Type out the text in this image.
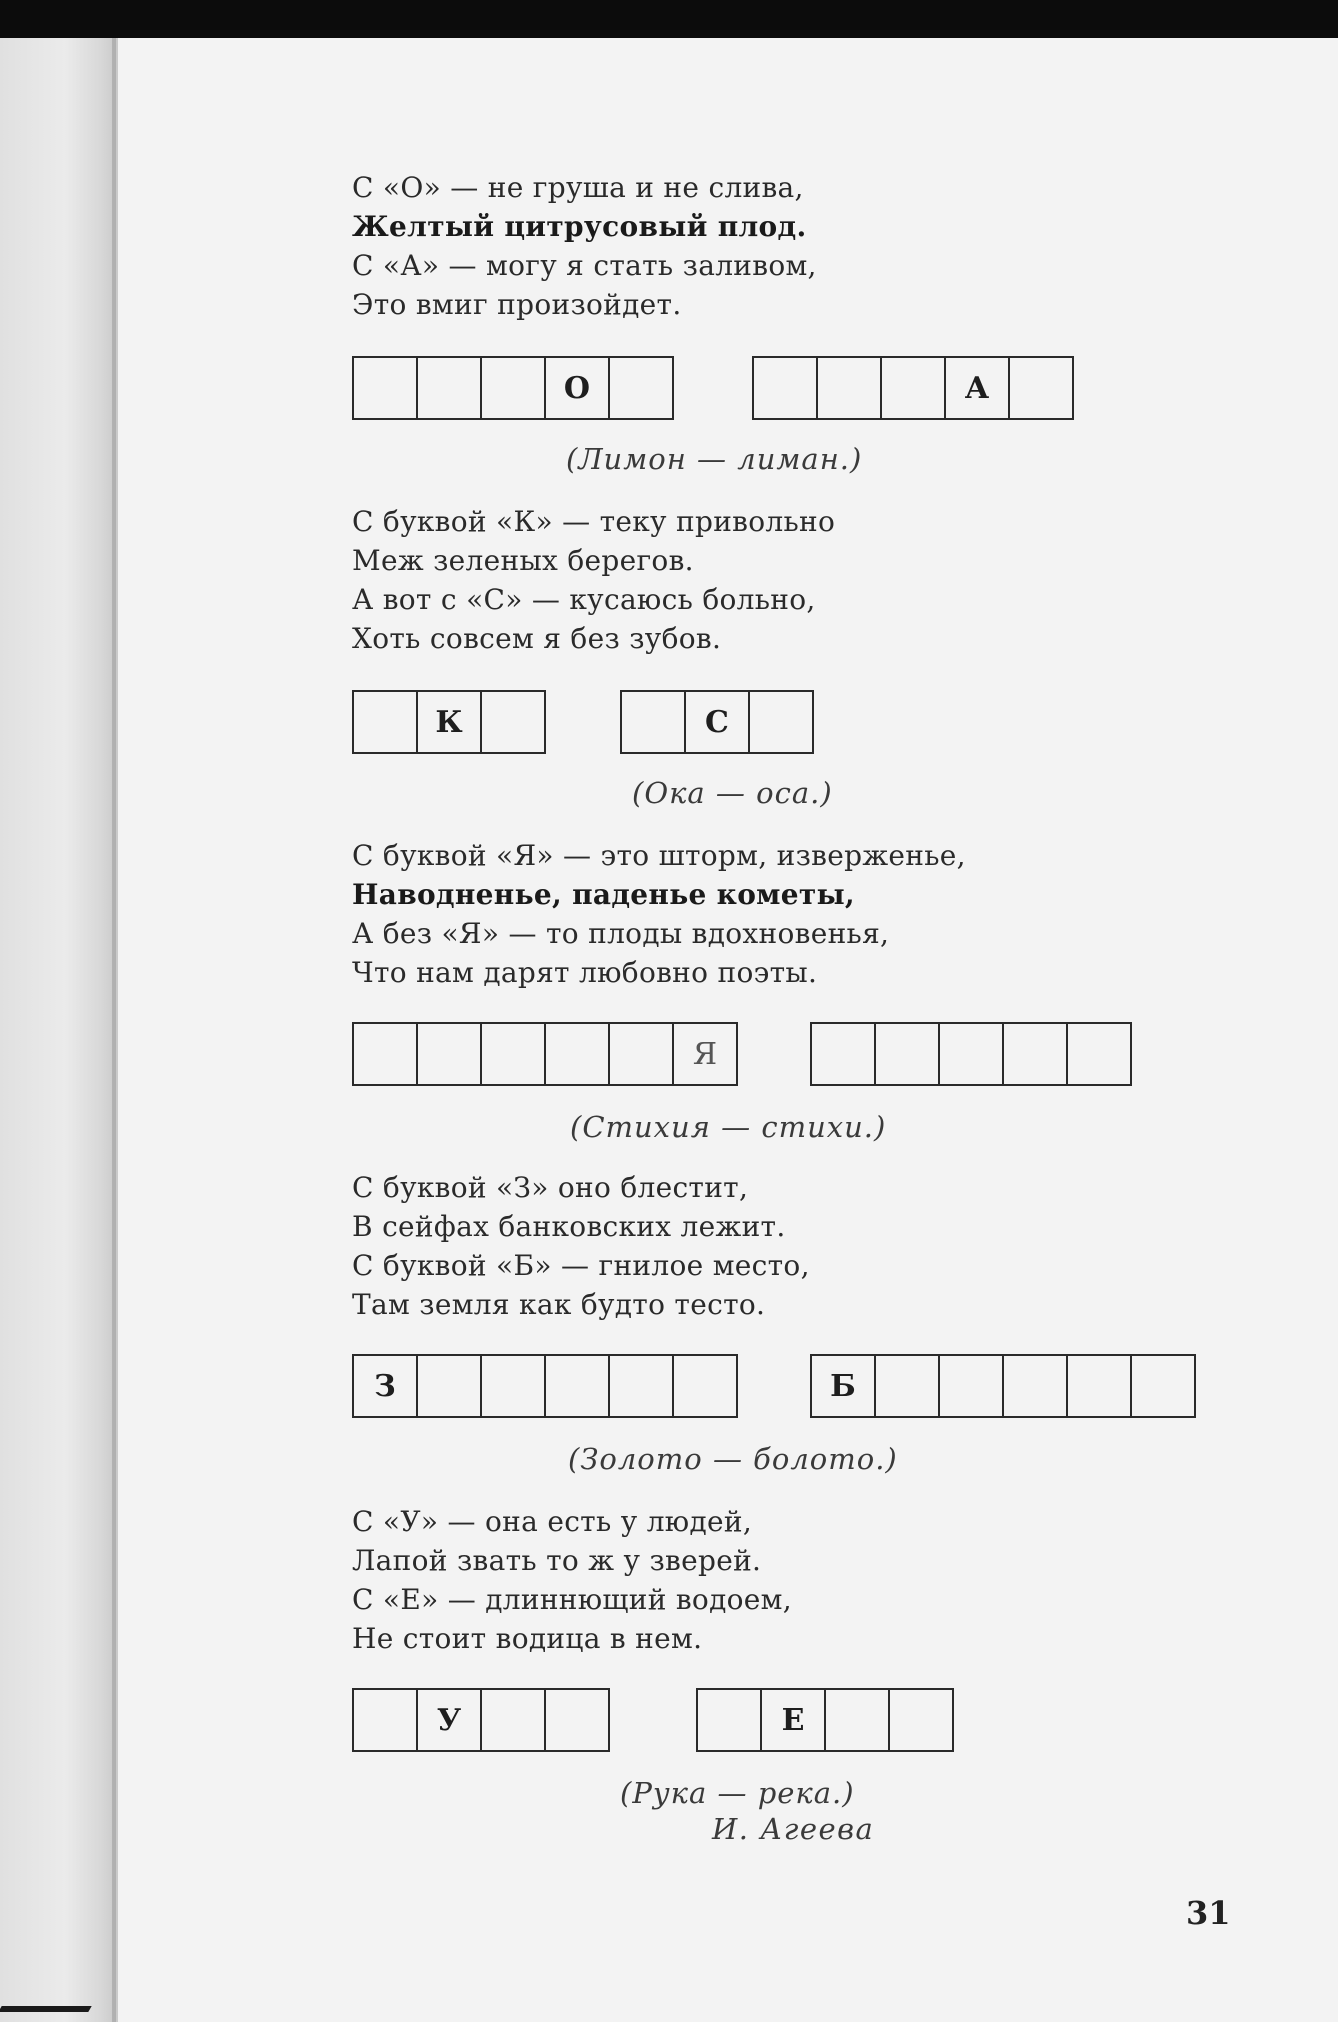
С «О» — не груша и не слива,
Желтый цитрусовый плод.
С «А» — могу я стать заливом,
Это вмиг произойдет.
О	А
(Лимон — лиман.)
С буквой «К» — теку привольно
Меж зеленых берегов.
А вот с «С» — кусаюсь больно,
Хоть совсем я без зубов.
К	С
(Ока — оса.)
С буквой «Я» — это шторм, изверженье,
Наводненье, паденье кометы,
А без «Я» — то плоды вдохновенья,
Что нам дарят любовно поэты.
Я
(Стихия — стихи.)
С буквой «З» оно блестит,
В сейфах банковских лежит.
С буквой «Б» — гнилое место,
Там земля как будто тесто.
З	Б
(Золото — болото.)
С «У» — она есть у людей,
Лапой звать то ж у зверей.
С «Е» — длиннющий водоем,
Не стоит водица в нем.
У	Е
(Рука — река.)
И. Агеева
31
